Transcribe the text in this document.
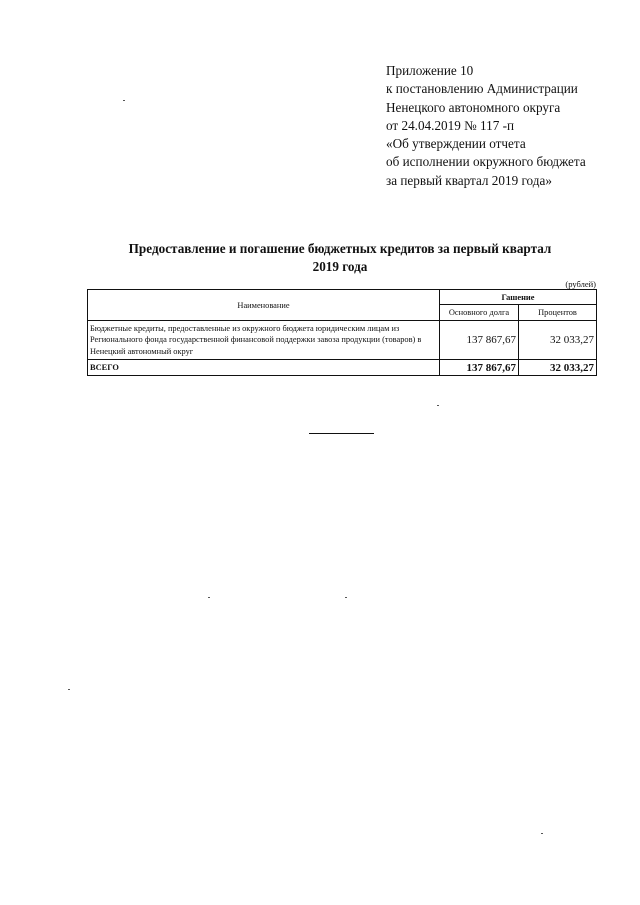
Приложение 10
к постановлению Администрации
Ненецкого автономного округа
от 24.04.2019 № 117 -п
«Об утверждении отчета
об исполнении окружного бюджета
за первый квартал 2019 года»
Предоставление и погашение бюджетных кредитов за первый квартал
2019 года
(рублей)
Наименование	Гашение	
	Основного долга	Процентов
Бюджетные кредиты, предоставленные из окружного бюджета юридическим лицам из Регионального фонда государственной финансовой поддержки завоза продукции (товаров) в Ненецкий автономный округ	137 867,67	32 033,27
ВСЕГО	137 867,67	32 033,27
